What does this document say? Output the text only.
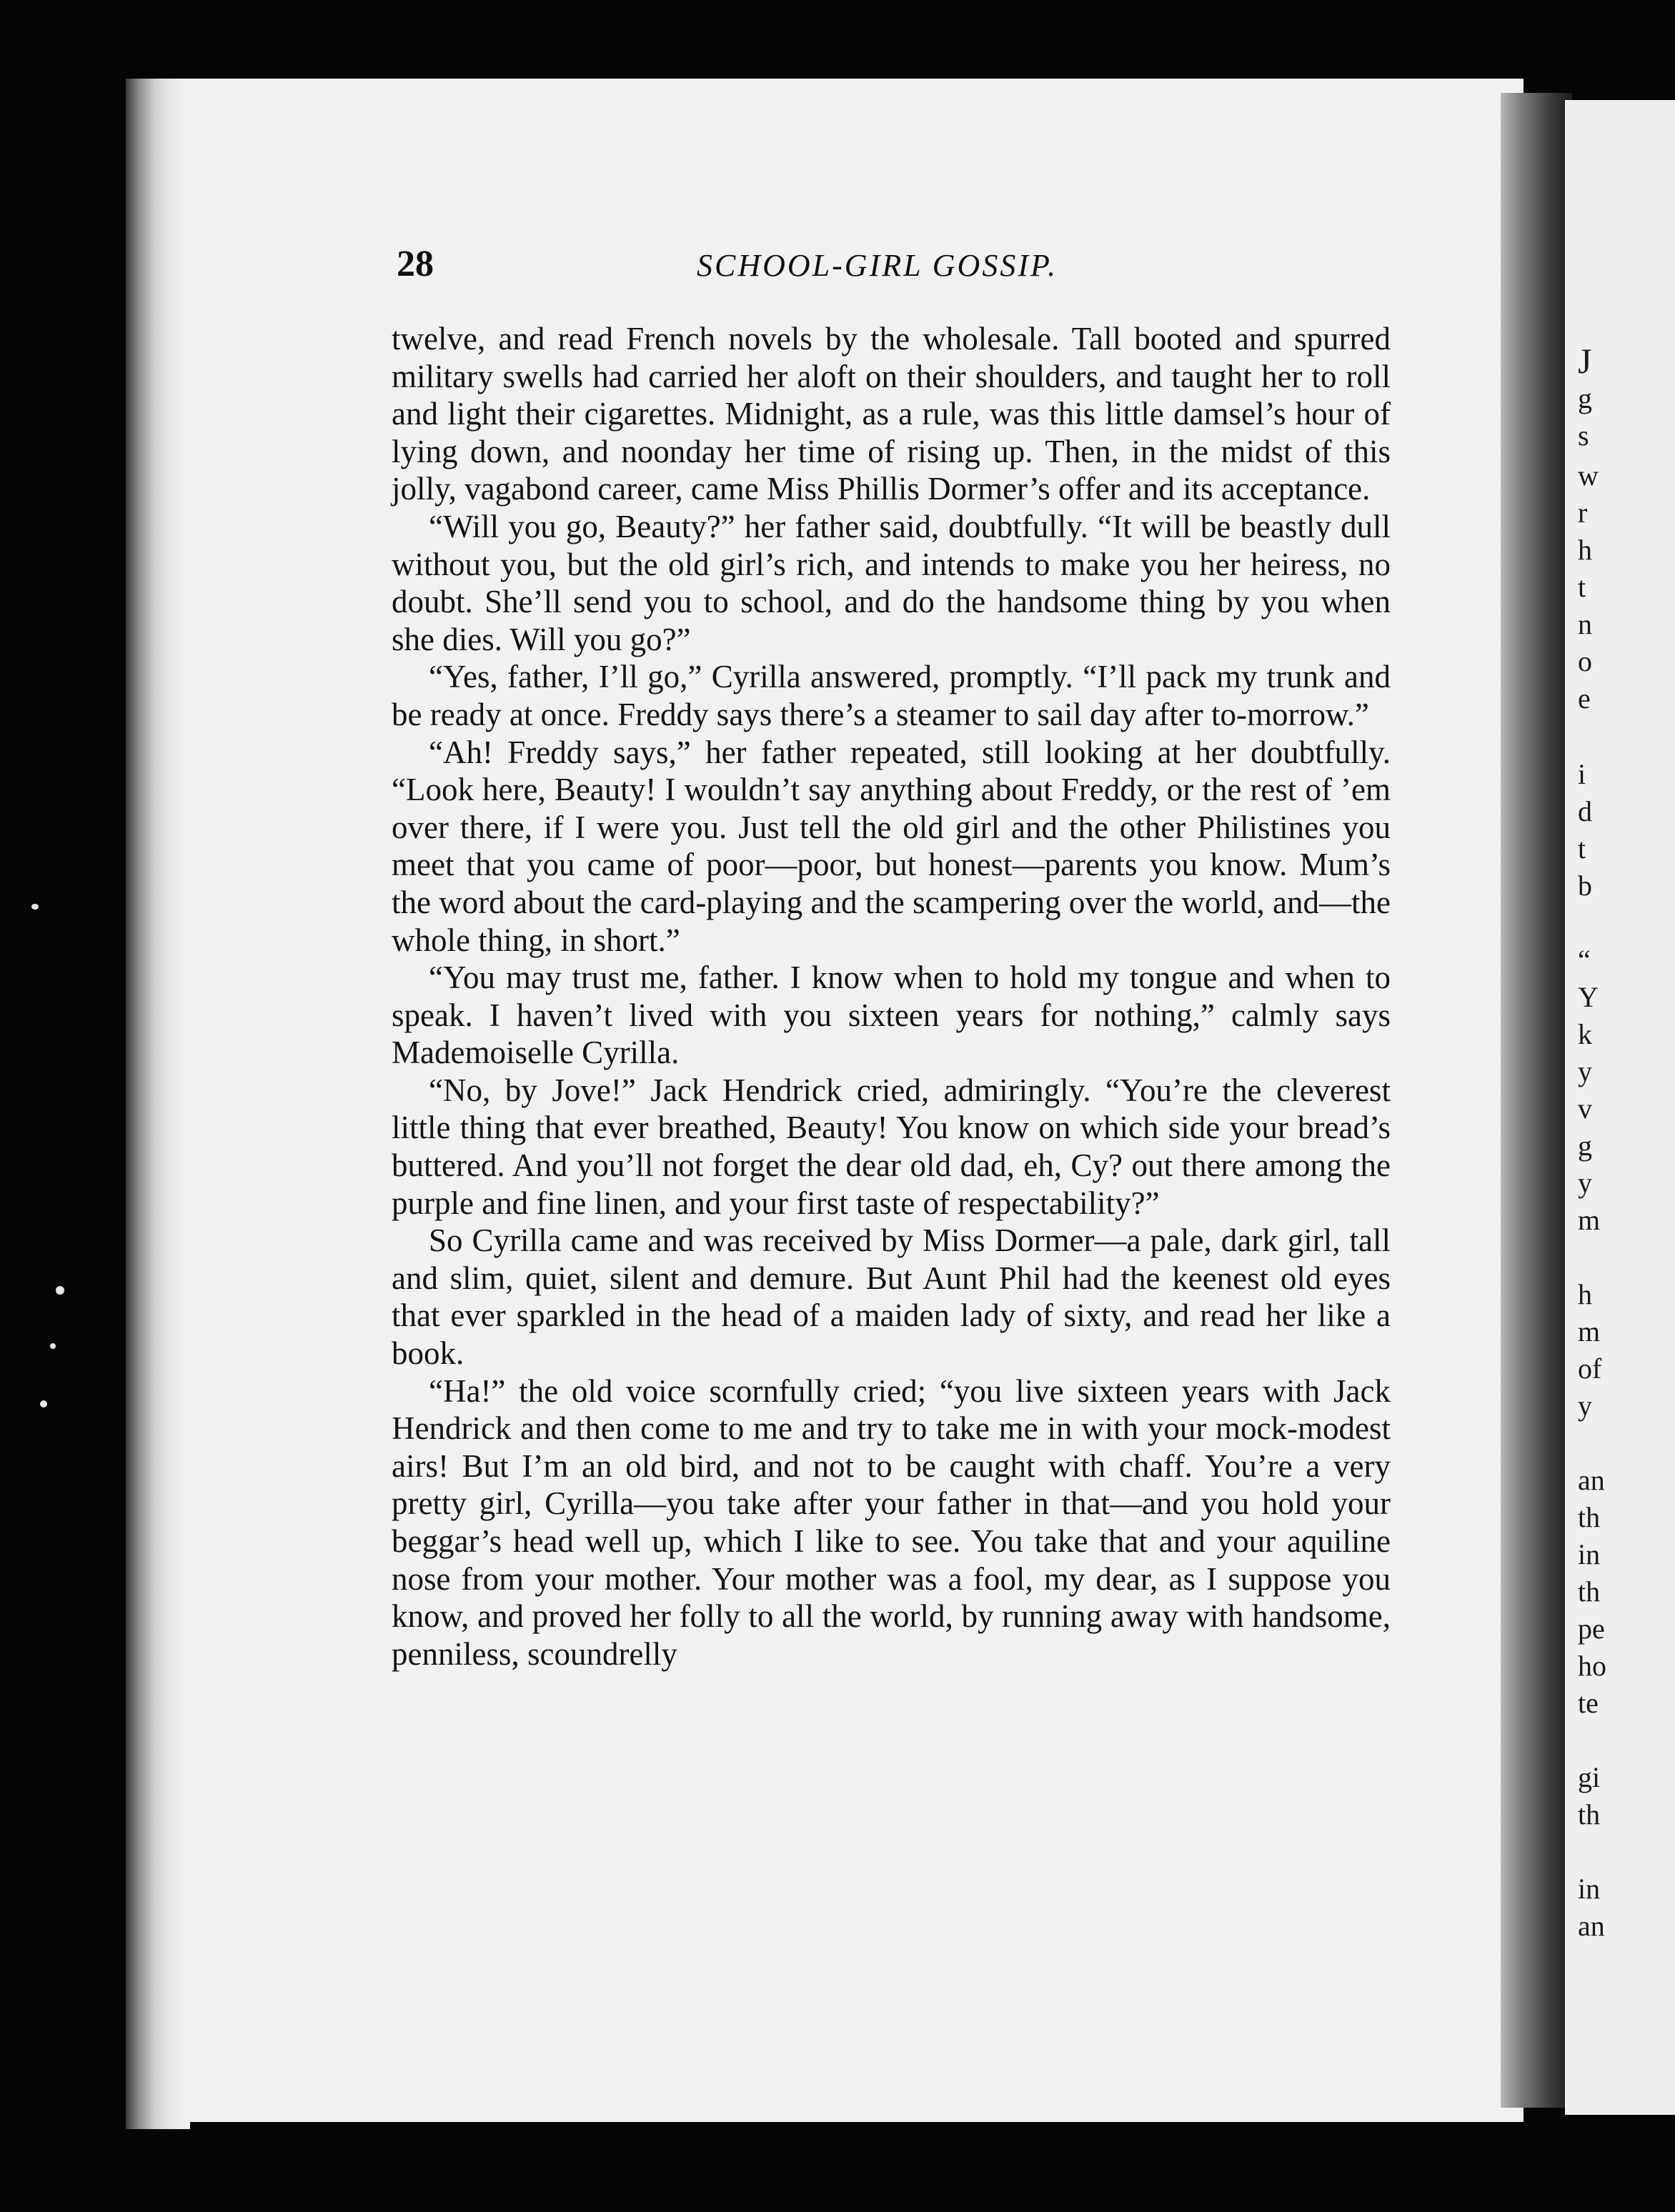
J
g
s
w
r
h
t
n
o
e
i
d
t
b
“
Y
k
y
v
g
y
m
h
m
of
y
an
th
in
th
pe
ho
te
gi
th
in
an
28	SCHOOL-GIRL GOSSIP.

twelve, and read French novels by the wholesale. Tall booted and spurred military swells had carried her aloft on their shoulders, and taught her to roll and light their cigarettes. Midnight, as a rule, was this little damsel’s hour of lying down, and noonday her time of rising up. Then, in the midst of this jolly, vagabond career, came Miss Phillis Dormer’s offer and its acceptance.

“Will you go, Beauty?” her father said, doubtfully. “It will be beastly dull without you, but the old girl’s rich, and intends to make you her heiress, no doubt. She’ll send you to school, and do the handsome thing by you when she dies. Will you go?”

“Yes, father, I’ll go,” Cyrilla answered, promptly. “I’ll pack my trunk and be ready at once. Freddy says there’s a steamer to sail day after to-morrow.”

“Ah! Freddy says,” her father repeated, still looking at her doubtfully. “Look here, Beauty! I wouldn’t say anything about Freddy, or the rest of ’em over there, if I were you. Just tell the old girl and the other Philistines you meet that you came of poor—poor, but honest—parents you know. Mum’s the word about the card-playing and the scampering over the world, and—the whole thing, in short.”

“You may trust me, father. I know when to hold my tongue and when to speak. I haven’t lived with you sixteen years for nothing,” calmly says Mademoiselle Cyrilla.

“No, by Jove!” Jack Hendrick cried, admiringly. “You’re the cleverest little thing that ever breathed, Beauty! You know on which side your bread’s buttered. And you’ll not forget the dear old dad, eh, Cy? out there among the purple and fine linen, and your first taste of respectability?”

So Cyrilla came and was received by Miss Dormer—a pale, dark girl, tall and slim, quiet, silent and demure. But Aunt Phil had the keenest old eyes that ever sparkled in the head of a maiden lady of sixty, and read her like a book.

“Ha!” the old voice scornfully cried; “you live sixteen years with Jack Hendrick and then come to me and try to take me in with your mock-modest airs! But I’m an old bird, and not to be caught with chaff. You’re a very pretty girl, Cyrilla—you take after your father in that—and you hold your beggar’s head well up, which I like to see. You take that and your aquiline nose from your mother. Your mother was a fool, my dear, as I suppose you know, and proved her folly to all the world, by running away with handsome, penniless, scoundrelly
